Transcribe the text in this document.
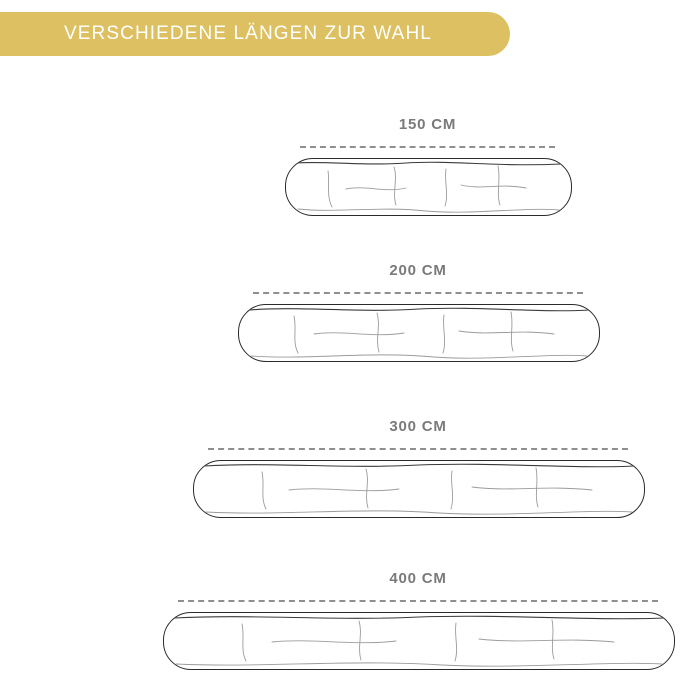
VERSCHIEDENE LÄNGEN ZUR WAHL
150 CM
200 CM
300 CM
400 CM
